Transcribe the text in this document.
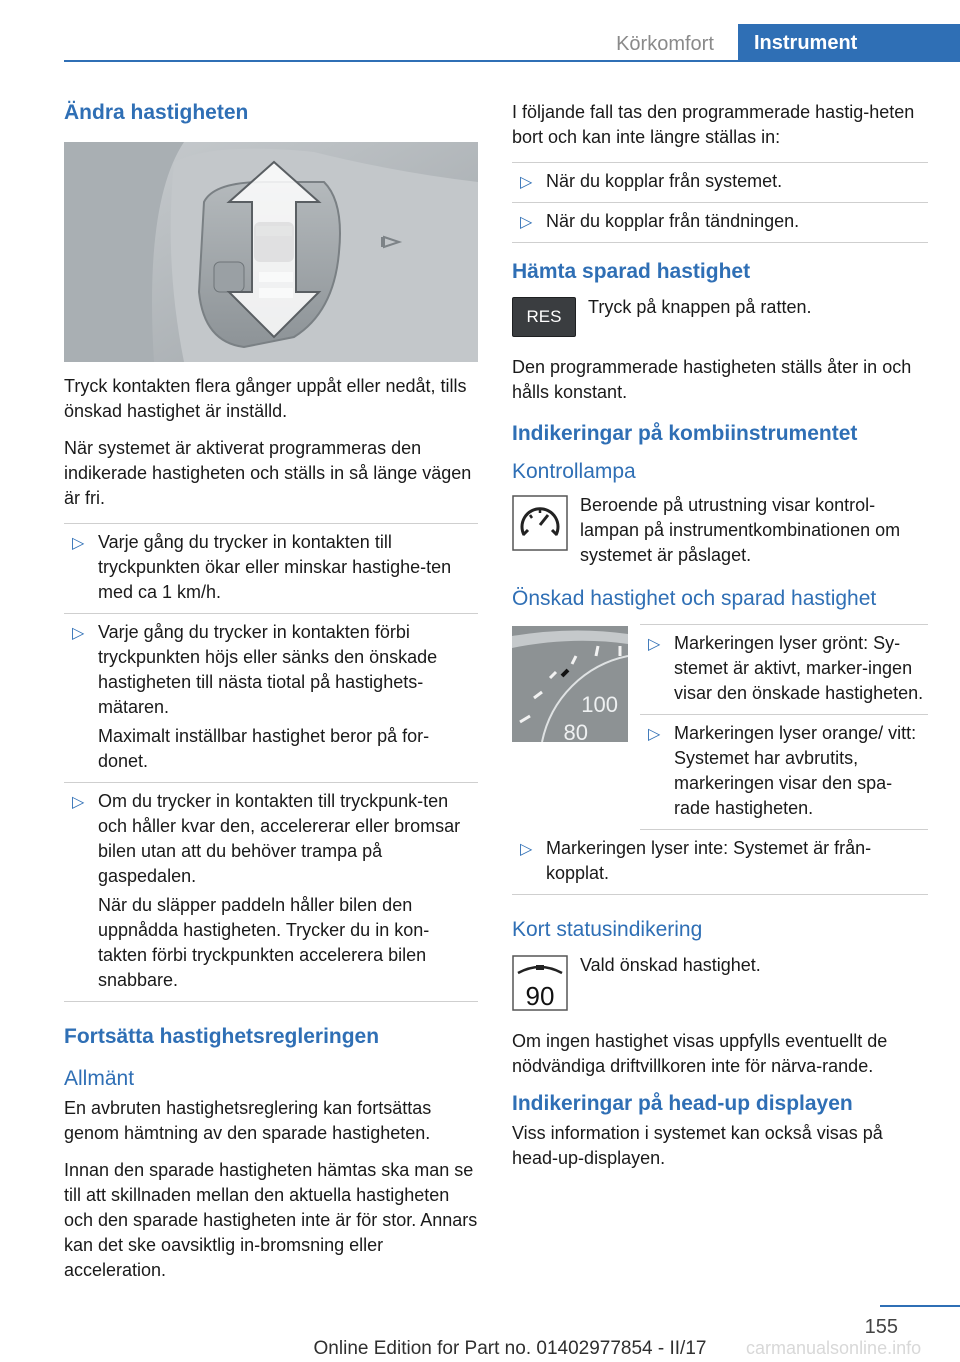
Körkomfort	Instrument
Ändra hastigheten

Tryck kontakten flera gånger uppåt eller nedåt, tills önskad hastighet är inställd.

När systemet är aktiverat programmeras den indikerade hastigheten och ställs in så länge vägen är fri.

▷ Varje gång du trycker in kontakten till tryckpunkten ökar eller minskar hastighe-ten med ca 1 km/h.

▷ Varje gång du trycker in kontakten förbi tryckpunkten höjs eller sänks den önskade hastigheten till nästa tiotal på hastighets-mätaren.

Maximalt inställbar hastighet beror på for-donet.

▷ Om du trycker in kontakten till tryckpunk-ten och håller kvar den, accelererar eller bromsar bilen utan att du behöver trampa på gaspedalen.

När du släpper paddeln håller bilen den uppnådda hastigheten. Trycker du in kon-takten förbi tryckpunkten accelerera bilen snabbare.

Fortsätta hastighetsregleringen
Allmänt

En avbruten hastighetsreglering kan fortsättas genom hämtning av den sparade hastigheten.

Innan den sparade hastigheten hämtas ska man se till att skillnaden mellan den aktuella hastigheten och den sparade hastigheten inte är för stor. Annars kan det ske oavsiktlig in-bromsning eller acceleration.

I följande fall tas den programmerade hastig-heten bort och kan inte längre ställas in:

▷ När du kopplar från systemet.

▷ När du kopplar från tändningen.

Hämta sparad hastighet
RES	Tryck på knappen på ratten.

Den programmerade hastigheten ställs åter in och hålls konstant.

Indikeringar på kombiinstrumentet
Kontrollampa

Beroende på utrustning visar kontrol-lampan på instrumentkombinationen om systemet är påslaget.

Önskad hastighet och sparad hastighet
100
80
▷ Markeringen lyser grönt: Sy-stemet är aktivt, marker-ingen visar den önskade hastigheten.

▷ Markeringen lyser orange/ vitt: Systemet har avbrutits, markeringen visar den spa-rade hastigheten.

▷ Markeringen lyser inte: Systemet är från-kopplat.

Kort statusindikering
90

Vald önskad hastighet.

Om ingen hastighet visas uppfylls eventuellt de nödvändiga driftvillkoren inte för närva-rande.

Indikeringar på head-up displayen

Viss information i systemet kan också visas på head-up-displayen.

155
Online Edition for Part no. 01402977854 - II/17	carmanualsonline.info
